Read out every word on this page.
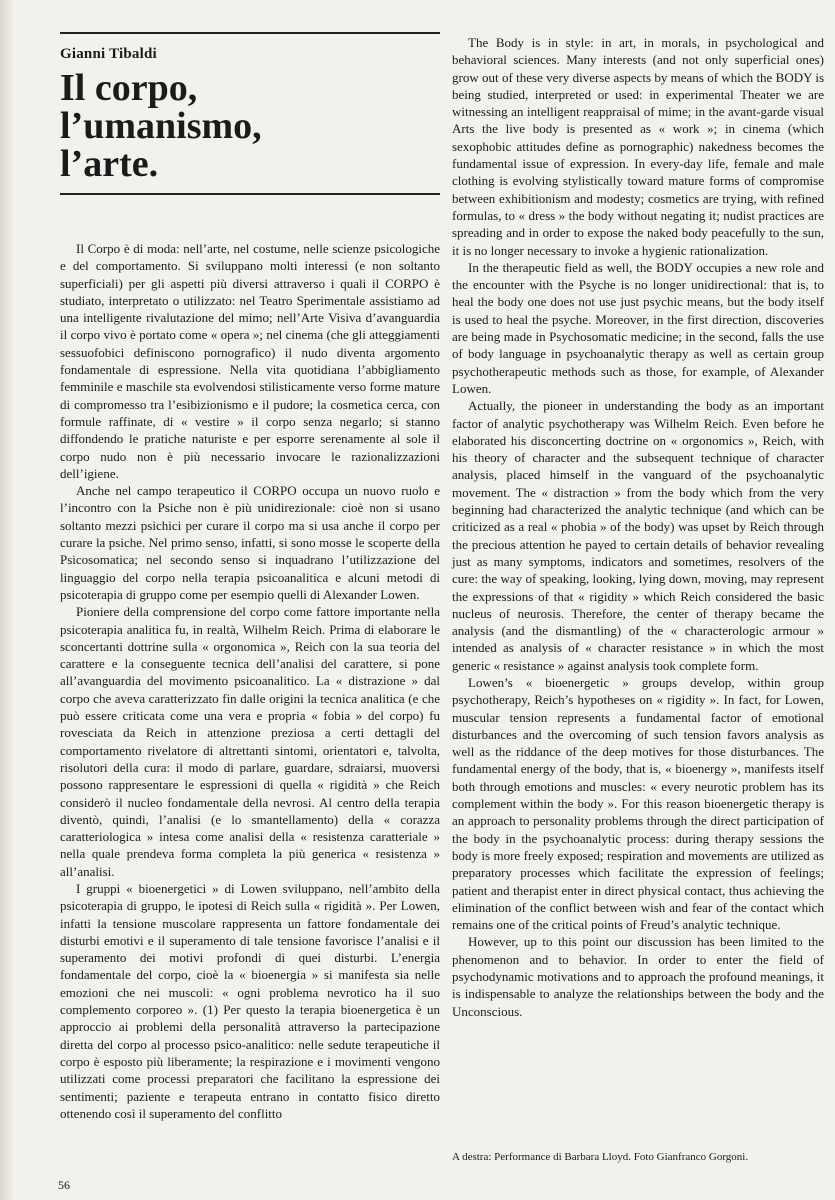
Gianni Tibaldi
Il corpo,
l’umanismo,
l’arte.

Il Corpo è di moda: nell’arte, nel costume, nelle scienze psicologiche e del comportamento. Si sviluppano molti interessi (e non soltanto superficiali) per gli aspetti più diversi attraverso i quali il CORPO è studiato, interpretato o utilizzato: nel Teatro Sperimentale assistiamo ad una intelligente rivalutazione del mimo; nell’Arte Visiva d’avanguardia il corpo vivo è portato come « opera »; nel cinema (che gli atteggiamenti sessuofobici definiscono pornografico) il nudo diventa argomento fondamentale di espressione. Nella vita quotidiana l’abbigliamento femminile e maschile sta evolvendosi stilisticamente verso forme mature di compromesso tra l’esibizionismo e il pudore; la cosmetica cerca, con formule raffinate, di « vestire » il corpo senza negarlo; si stanno diffondendo le pratiche naturiste e per esporre serenamente al sole il corpo nudo non è più necessario invocare le razionalizzazioni dell’igiene.

Anche nel campo terapeutico il CORPO occupa un nuovo ruolo e l’incontro con la Psiche non è più unidirezionale: cioè non si usano soltanto mezzi psichici per curare il corpo ma si usa anche il corpo per curare la psiche. Nel primo senso, infatti, si sono mosse le scoperte della Psicosomatica; nel secondo senso si inquadrano l’utilizzazione del linguaggio del corpo nella terapia psicoanalitica e alcuni metodi di psicoterapia di gruppo come per esempio quelli di Alexander Lowen.

Pioniere della comprensione del corpo come fattore importante nella psicoterapia analitica fu, in realtà, Wilhelm Reich. Prima di elaborare le sconcertanti dottrine sulla « orgonomica », Reich con la sua teoria del carattere e la conseguente tecnica dell’analisi del carattere, si pone all’avanguardia del movimento psicoanalitico. La « distrazione » dal corpo che aveva caratterizzato fin dalle origini la tecnica analitica (e che può essere criticata come una vera e propria « fobia » del corpo) fu rovesciata da Reich in attenzione preziosa a certi dettagli del comportamento rivelatore di altrettanti sintomi, orientatori e, talvolta, risolutori della cura: il modo di parlare, guardare, sdraiarsi, muoversi possono rappresentare le espressioni di quella « rigidità » che Reich considerò il nucleo fondamentale della nevrosi. Al centro della terapia diventò, quindi, l’analisi (e lo smantellamento) della « corazza caratteriologica » intesa come analisi della « resistenza caratteriale » nella quale prendeva forma completa la più generica « resistenza » all’analisi.

I gruppi « bioenergetici » di Lowen sviluppano, nell’ambito della psicoterapia di gruppo, le ipotesi di Reich sulla « rigidità ». Per Lowen, infatti la tensione muscolare rappresenta un fattore fondamentale dei disturbi emotivi e il superamento di tale tensione favorisce l’analisi e il superamento dei motivi profondi di quei disturbi. L’energia fondamentale del corpo, cioè la « bioenergia » si manifesta sia nelle emozioni che nei muscoli: « ogni problema nevrotico ha il suo complemento corporeo ». (1) Per questo la terapia bioenergetica è un approccio ai problemi della personalità attraverso la partecipazione diretta del corpo al processo psico-analitico: nelle sedute terapeutiche il corpo è esposto più liberamente; la respirazione e i movimenti vengono utilizzati come processi preparatori che facilitano la espressione dei sentimenti; paziente e terapeuta entrano in contatto fisico diretto ottenendo così il superamento del conflitto

The Body is in style: in art, in morals, in psychological and behavioral sciences. Many interests (and not only superficial ones) grow out of these very diverse aspects by means of which the BODY is being studied, interpreted or used: in experimental Theater we are witnessing an intelligent reappraisal of mime; in the avant-garde visual Arts the live body is presented as « work »; in cinema (which sexophobic attitudes define as pornographic) nakedness becomes the fundamental issue of expression. In every-day life, female and male clothing is evolving stylistically toward mature forms of compromise between exhibitionism and modesty; cosmetics are trying, with refined formulas, to « dress » the body without negating it; nudist practices are spreading and in order to expose the naked body peacefully to the sun, it is no longer necessary to invoke a hygienic rationalization.

In the therapeutic field as well, the BODY occupies a new role and the encounter with the Psyche is no longer unidirectional: that is, to heal the body one does not use just psychic means, but the body itself is used to heal the psyche. Moreover, in the first direction, discoveries are being made in Psychosomatic medicine; in the second, falls the use of body language in psychoanalytic therapy as well as certain group psychotherapeutic methods such as those, for example, of Alexander Lowen.

Actually, the pioneer in understanding the body as an important factor of analytic psychotherapy was Wilhelm Reich. Even before he elaborated his disconcerting doctrine on « orgonomics », Reich, with his theory of character and the subsequent technique of character analysis, placed himself in the vanguard of the psychoanalytic movement. The « distraction » from the body which from the very beginning had characterized the analytic technique (and which can be criticized as a real « phobia » of the body) was upset by Reich through the precious attention he payed to certain details of behavior revealing just as many symptoms, indicators and sometimes, resolvers of the cure: the way of speaking, looking, lying down, moving, may represent the expressions of that « rigidity » which Reich considered the basic nucleus of neurosis. Therefore, the center of therapy became the analysis (and the dismantling) of the « characterologic armour » intended as analysis of « character resistance » in which the most generic « resistance » against analysis took complete form.

Lowen’s « bioenergetic » groups develop, within group psychotherapy, Reich’s hypotheses on « rigidity ». In fact, for Lowen, muscular tension represents a fundamental factor of emotional disturbances and the overcoming of such tension favors analysis as well as the riddance of the deep motives for those disturbances. The fundamental energy of the body, that is, « bioenergy », manifests itself both through emotions and muscles: « every neurotic problem has its complement within the body ». For this reason bioenergetic therapy is an approach to personality problems through the direct participation of the body in the psychoanalytic process: during therapy sessions the body is more freely exposed; respiration and movements are utilized as preparatory processes which facilitate the expression of feelings; patient and therapist enter in direct physical contact, thus achieving the elimination of the conflict between wish and fear of the contact which remains one of the critical points of Freud’s analytic technique.

However, up to this point our discussion has been limited to the phenomenon and to behavior. In order to enter the field of psychodynamic motivations and to approach the profound meanings, it is indispensable to analyze the relationships between the body and the Unconscious.

A destra: Performance di Barbara Lloyd. Foto Gianfranco Gorgoni.
56
